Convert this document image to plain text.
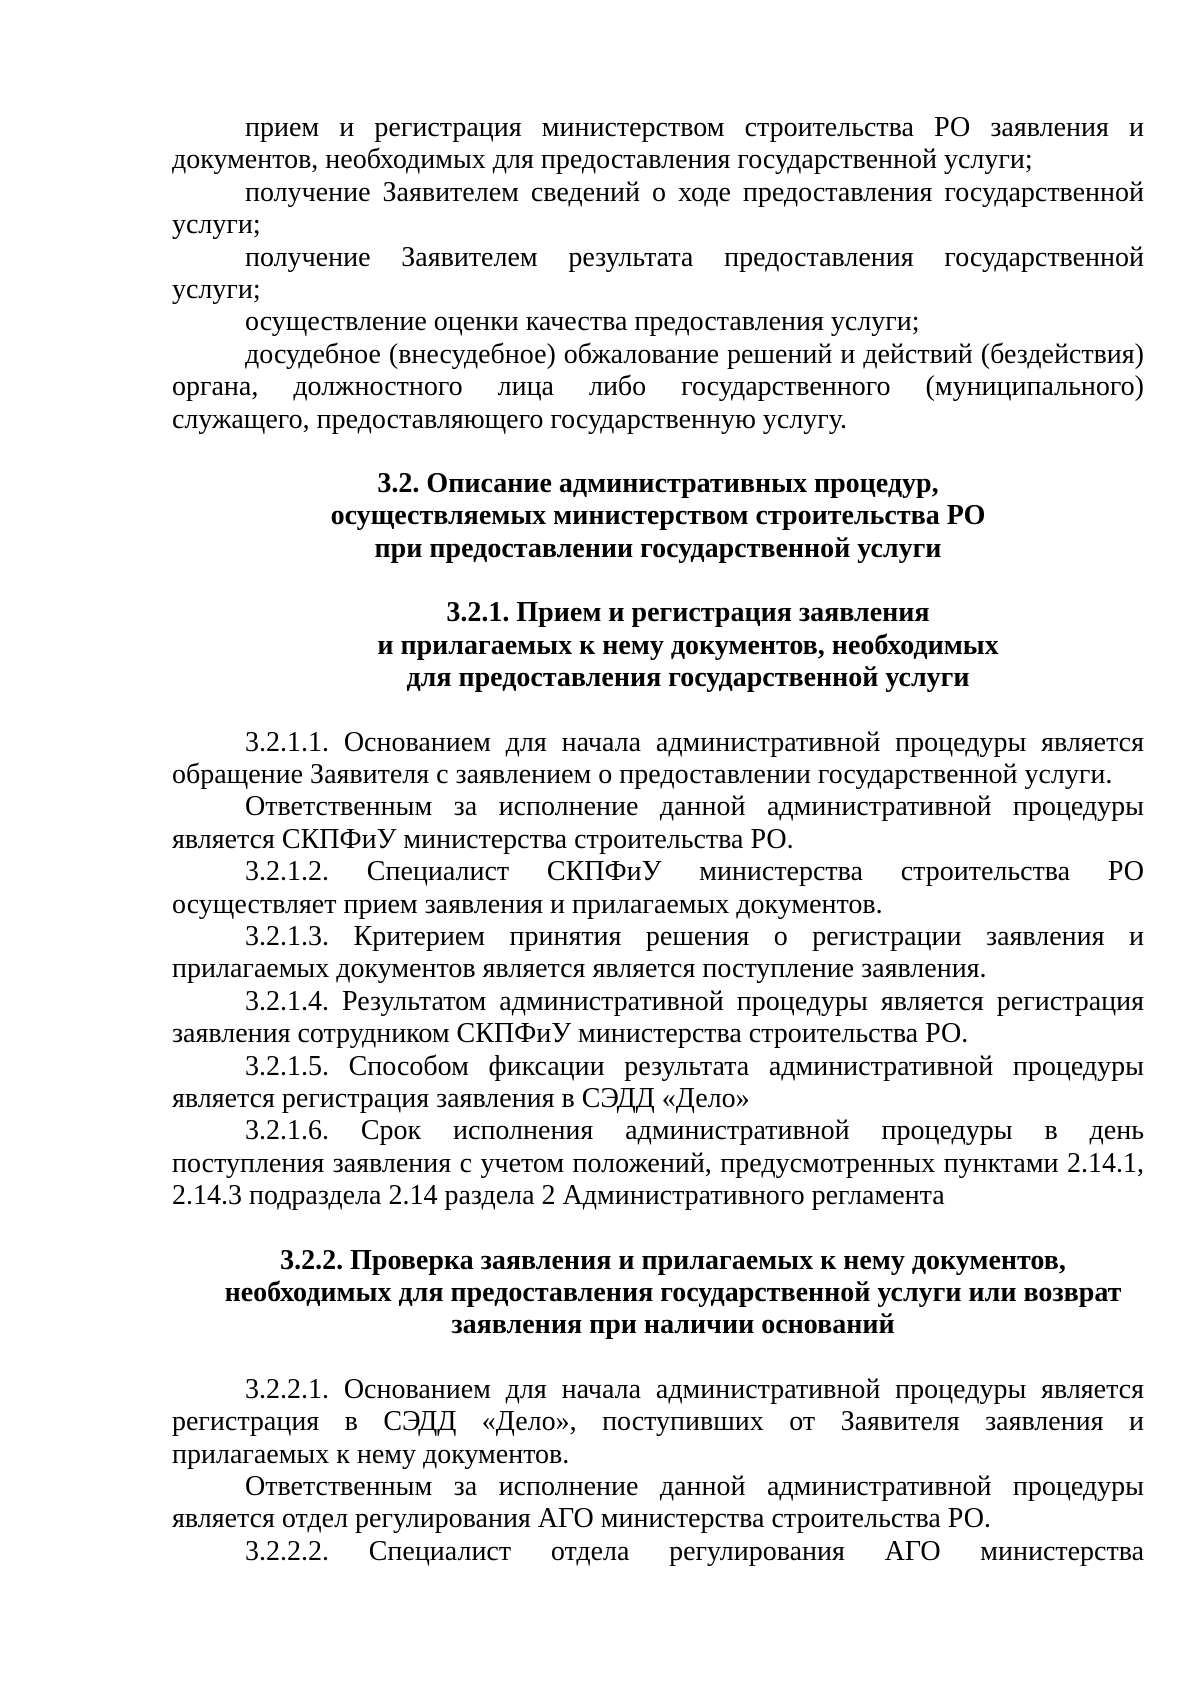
прием и регистрация министерством строительства РО заявления и документов, необходимых для предоставления государственной услуги;

получение Заявителем сведений о ходе предоставления государственной услуги;

получение Заявителем результата предоставления государственной услуги;

осуществление оценки качества предоставления услуги;

досудебное (внесудебное) обжалование решений и действий (бездействия) органа, должностного лица либо государственного (муниципального) служащего, предоставляющего государственную услугу.

3.2. Описание административных процедур,
осуществляемых министерством строительства РО
при предоставлении государственной услуги

3.2.1. Прием и регистрация заявления
и прилагаемых к нему документов, необходимых
для предоставления государственной услуги

3.2.1.1. Основанием для начала административной процедуры является обращение Заявителя с заявлением о предоставлении государственной услуги.

Ответственным за исполнение данной административной процедуры является СКПФиУ министерства строительства РО.

3.2.1.2. Специалист СКПФиУ министерства строительства РО осуществляет прием заявления и прилагаемых документов.

3.2.1.3. Критерием принятия решения о регистрации заявления и прилагаемых документов является является поступление заявления.

3.2.1.4. Результатом административной процедуры является регистрация заявления сотрудником СКПФиУ министерства строительства РО.

3.2.1.5. Способом фиксации результата административной процедуры является регистрация заявления в СЭДД «Дело»

3.2.1.6. Срок исполнения административной процедуры в день поступления заявления с учетом положений, предусмотренных пунктами 2.14.1, 2.14.3 подраздела 2.14 раздела 2 Административного регламента

3.2.2. Проверка заявления и прилагаемых к нему документов,
необходимых для предоставления государственной услуги или возврат
заявления при наличии оснований

3.2.2.1. Основанием для начала административной процедуры является регистрация в СЭДД «Дело», поступивших от Заявителя заявления и прилагаемых к нему документов.

Ответственным за исполнение данной административной процедуры является отдел регулирования АГО министерства строительства РО.

3.2.2.2. Специалист отдела регулирования АГО министерства
